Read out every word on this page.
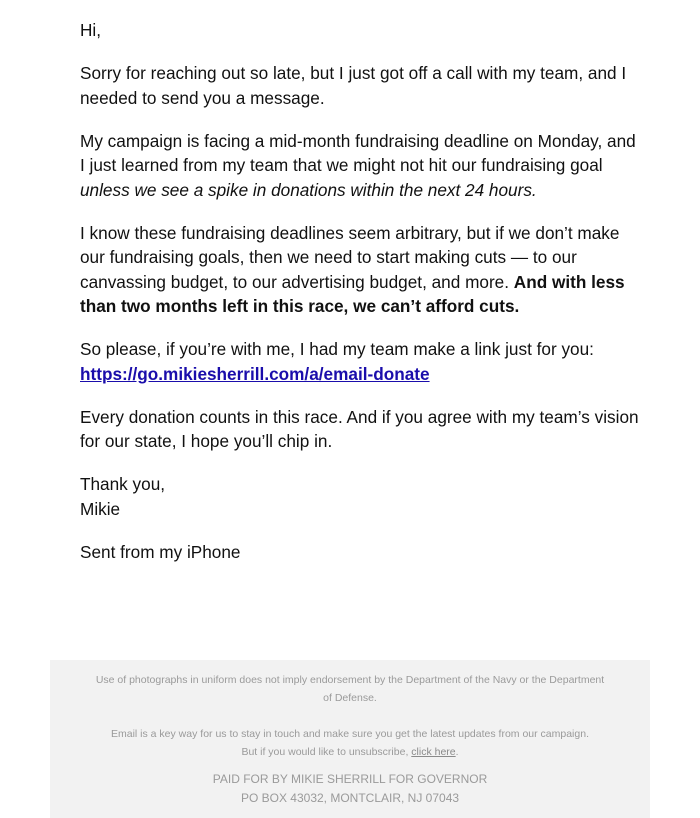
Hi,

Sorry for reaching out so late, but I just got off a call with my team, and I needed to send you a message.

My campaign is facing a mid-month fundraising deadline on Monday, and I just learned from my team that we might not hit our fundraising goal unless we see a spike in donations within the next 24 hours.

I know these fundraising deadlines seem arbitrary, but if we don’t make our fundraising goals, then we need to start making cuts — to our canvassing budget, to our advertising budget, and more. And with less than two months left in this race, we can’t afford cuts.

So please, if you’re with me, I had my team make a link just for you:
https://go.mikiesherrill.com/a/email-donate

Every donation counts in this race. And if you agree with my team’s vision for our state, I hope you’ll chip in.

Thank you,
Mikie

Sent from my iPhone

Use of photographs in uniform does not imply endorsement by the Department of the Navy or the Department of Defense.
Email is a key way for us to stay in touch and make sure you get the latest updates from our campaign.
But if you would like to unsubscribe, click here.
PAID FOR BY MIKIE SHERRILL FOR GOVERNOR
PO BOX 43032, MONTCLAIR, NJ 07043
